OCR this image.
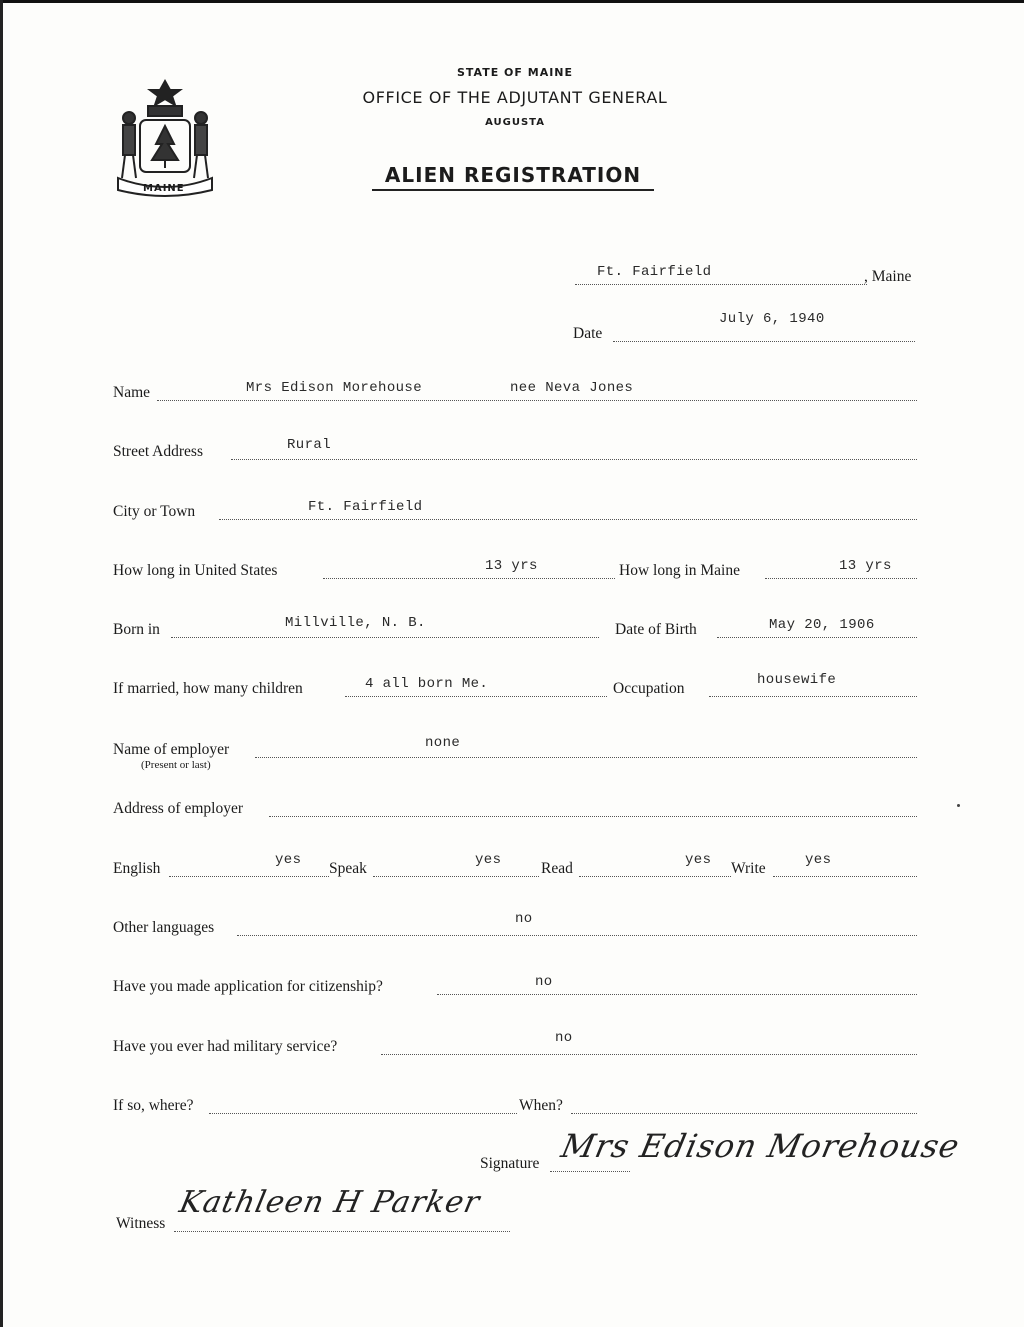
MAINE
STATE OF MAINE
OFFICE OF THE ADJUTANT GENERAL
AUGUSTA
ALIEN REGISTRATION
Ft. Fairfield	, Maine
Date
July 6, 1940
Name	Mrs Edison Morehouse	nee Neva Jones
Street Address	Rural
City or Town	Ft. Fairfield
How long in United States	13 yrs	How long in Maine	13 yrs
Born in	Millville, N. B.	Date of Birth	May 20, 1906
If married, how many children	4 all born Me.	Occupation	housewife
Name of employer	none
(Present or last)
Address of employer
English	yes Speak	yes	Read	yes Write	yes
Other languages	no
Have you made application for citizenship?	no
Have you ever had military service?	no
If so, where?	When?
Signature Mrs Edison Morehouse
Witness
Kathleen H Parker
